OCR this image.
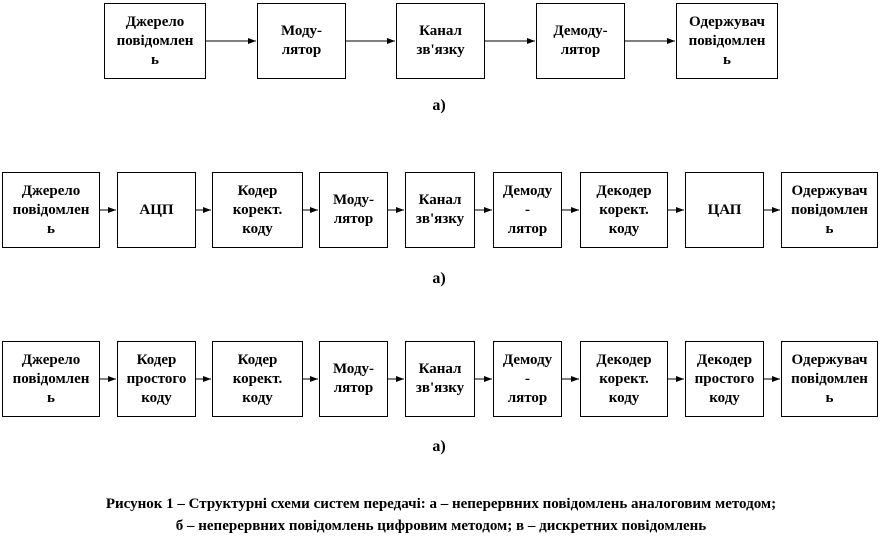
Джерело
повідомлен
ь
Моду-
лятор
Канал
зв'язку
Демоду-
лятор
Одержувач
повідомлен
ь
а)
Джерело
повідомлен
ь
АЦП
Кодер
корект.
коду
Моду-
лятор
Канал
зв'язку
Демоду
-
лятор
Декодер
корект.
коду
ЦАП
Одержувач
повідомлен
ь
а)
Джерело
повідомлен
ь
Кодер
простого
коду
Кодер
корект.
коду
Моду-
лятор
Канал
зв'язку
Демоду
-
лятор
Декодер
корект.
коду
Декодер
простого
коду
Одержувач
повідомлен
ь
а)
Рисунок 1 – Структурні схеми систем передачі: а – неперервних повідомлень аналоговим методом;
б – неперервних повідомлень цифровим методом; в – дискретних повідомлень
